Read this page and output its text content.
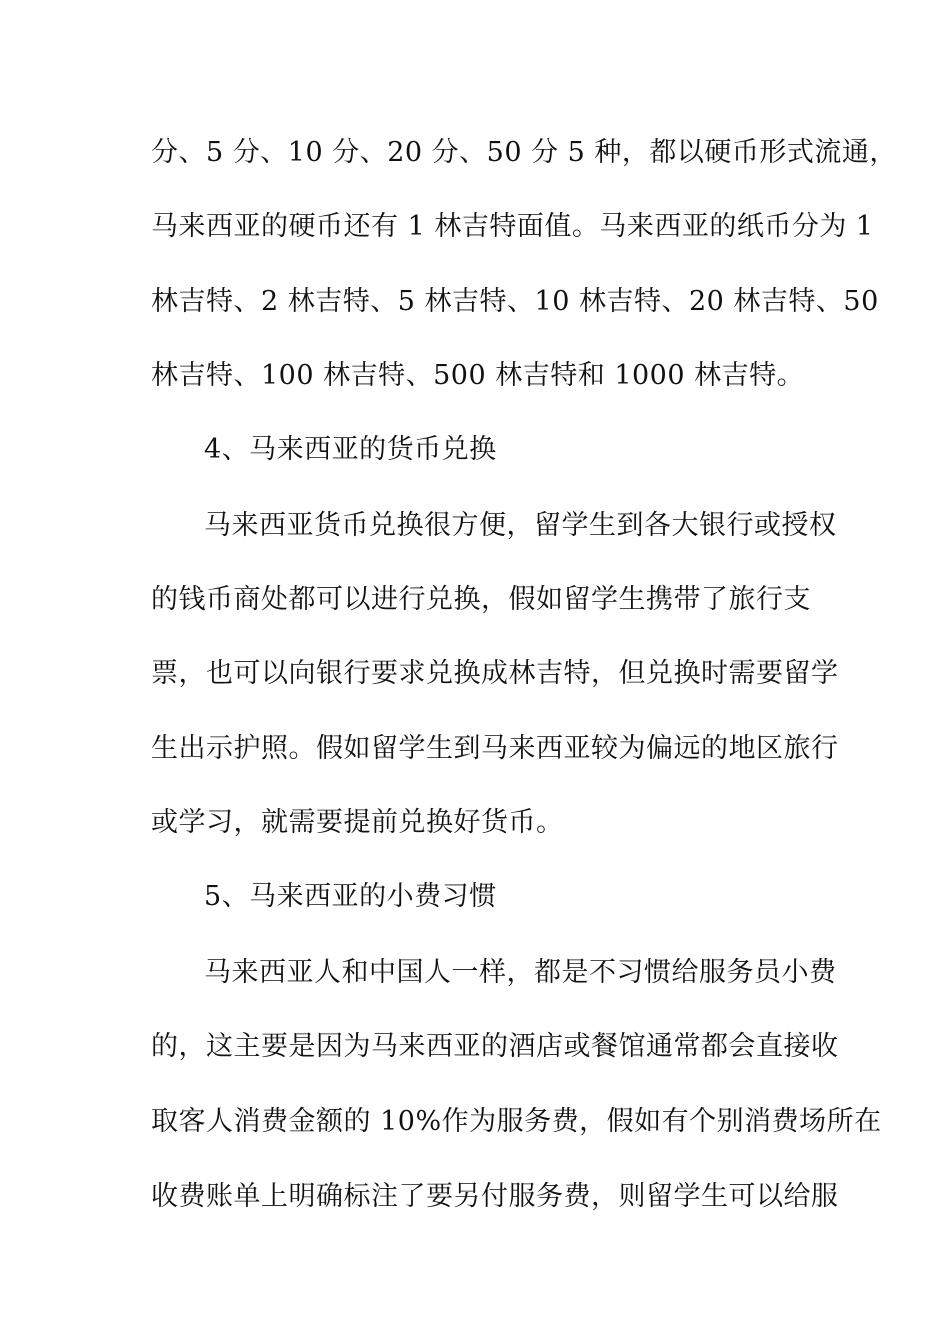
分、5 分、10 分、20 分、50 分 5 种，都以硬币形式流通，
马来西亚的硬币还有 1 林吉特面值。马来西亚的纸币分为 1
林吉特、2 林吉特、5 林吉特、10 林吉特、20 林吉特、50
林吉特、100 林吉特、500 林吉特和 1000 林吉特。
4、马来西亚的货币兑换
马来西亚货币兑换很方便，留学生到各大银行或授权
的钱币商处都可以进行兑换，假如留学生携带了旅行支
票，也可以向银行要求兑换成林吉特，但兑换时需要留学
生出示护照。假如留学生到马来西亚较为偏远的地区旅行
或学习，就需要提前兑换好货币。
5、马来西亚的小费习惯
马来西亚人和中国人一样，都是不习惯给服务员小费
的，这主要是因为马来西亚的酒店或餐馆通常都会直接收
取客人消费金额的 10%作为服务费，假如有个别消费场所在
收费账单上明确标注了要另付服务费，则留学生可以给服
